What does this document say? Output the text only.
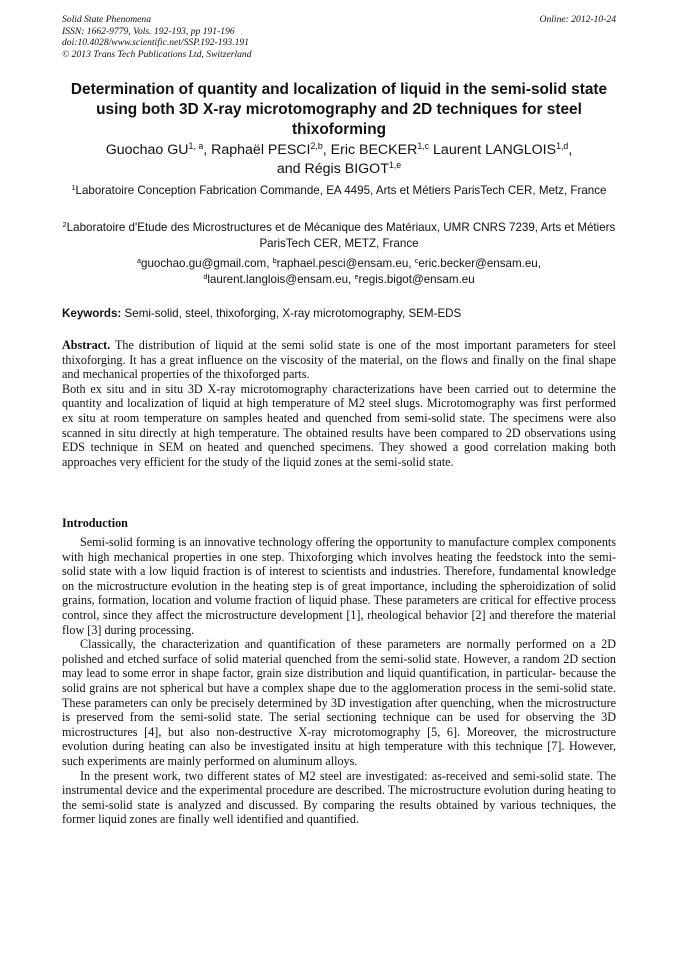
Solid State Phenomena
ISSN: 1662-9779, Vols. 192-193, pp 191-196
doi:10.4028/www.scientific.net/SSP.192-193.191
© 2013 Trans Tech Publications Ltd, Switzerland
Online: 2012-10-24
Determination of quantity and localization of liquid in the semi-solid state using both 3D X-ray microtomography and 2D techniques for steel thixoforming
Guochao GU$^{1, a}$, Raphaël PESCI$^{2,b}$, Eric BECKER$^{1,c}$ Laurent LANGLOIS$^{1,d}$,
and Régis BIGOT$^{1,e}$
$^1$Laboratoire Conception Fabrication Commande, EA 4495, Arts et Métiers ParisTech CER, Metz, France
$^2$Laboratoire d'Etude des Microstructures et de Mécanique des Matériaux, UMR CNRS 7239, Arts et Métiers ParisTech CER, METZ, France
$^a$guochao.gu@gmail.com, $^b$raphael.pesci@ensam.eu, $^c$eric.becker@ensam.eu,
$^d$laurent.langlois@ensam.eu, $^e$regis.bigot@ensam.eu
Keywords: Semi-solid, steel, thixoforging, X-ray microtomography, SEM-EDS

Abstract. The distribution of liquid at the semi solid state is one of the most important parameters for steel thixoforging. It has a great influence on the viscosity of the material, on the flows and finally on the final shape and mechanical properties of the thixoforged parts.

Both ex situ and in situ 3D X-ray microtomography characterizations have been carried out to determine the quantity and localization of liquid at high temperature of M2 steel slugs. Microtomography was first performed ex situ at room temperature on samples heated and quenched from semi-solid state. The specimens were also scanned in situ directly at high temperature. The obtained results have been compared to 2D observations using EDS technique in SEM on heated and quenched specimens. They showed a good correlation making both approaches very efficient for the study of the liquid zones at the semi-solid state.

Introduction

Semi-solid forming is an innovative technology offering the opportunity to manufacture complex components with high mechanical properties in one step. Thixoforging which involves heating the feedstock into the semi-solid state with a low liquid fraction is of interest to scientists and industries. Therefore, fundamental knowledge on the microstructure evolution in the heating step is of great importance, including the spheroidization of solid grains, formation, location and volume fraction of liquid phase. These parameters are critical for effective process control, since they affect the microstructure development [1], rheological behavior [2] and therefore the material flow [3] during processing.

Classically, the characterization and quantification of these parameters are normally performed on a 2D polished and etched surface of solid material quenched from the semi-solid state. However, a random 2D section may lead to some error in shape factor, grain size distribution and liquid quantification, in particular- because the solid grains are not spherical but have a complex shape due to the agglomeration process in the semi-solid state. These parameters can only be precisely determined by 3D investigation after quenching, when the microstructure is preserved from the semi-solid state. The serial sectioning technique can be used for observing the 3D microstructures [4], but also non-destructive X-ray microtomography [5, 6]. Moreover, the microstructure evolution during heating can also be investigated insitu at high temperature with this technique [7]. However, such experiments are mainly performed on aluminum alloys.

In the present work, two different states of M2 steel are investigated: as-received and semi-solid state. The instrumental device and the experimental procedure are described. The microstructure evolution during heating to the semi-solid state is analyzed and discussed. By comparing the results obtained by various techniques, the former liquid zones are finally well identified and quantified.
